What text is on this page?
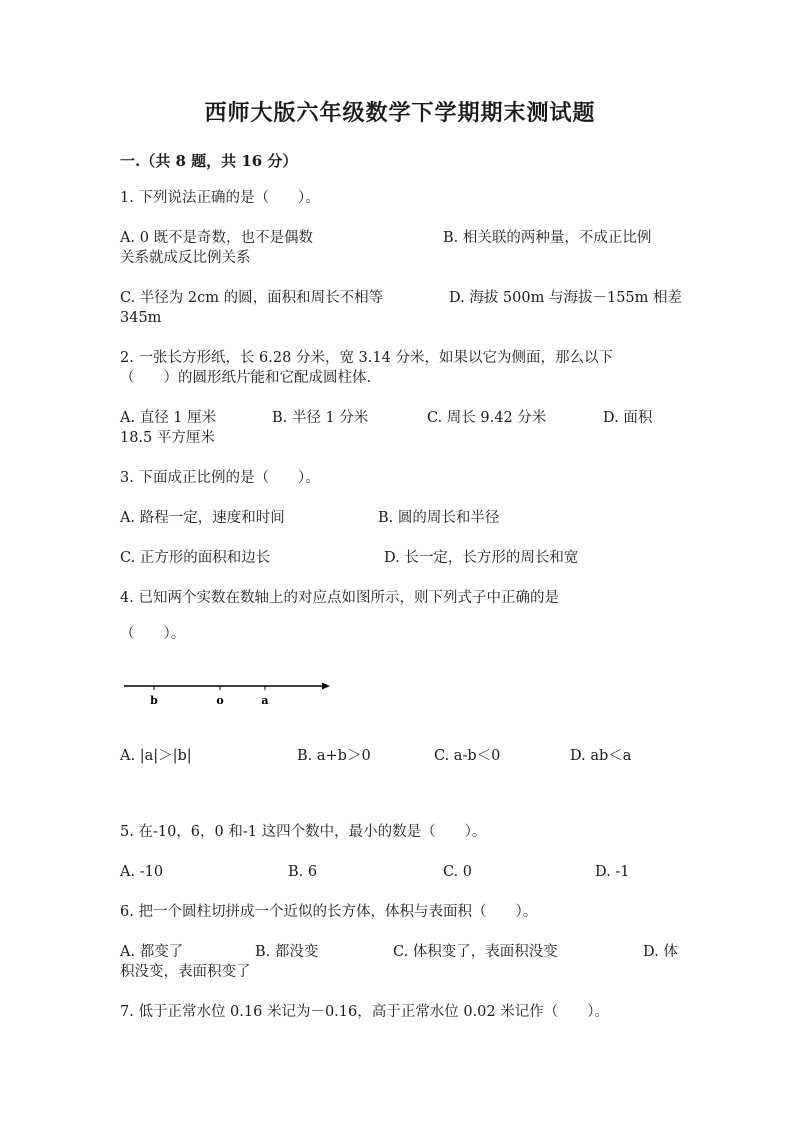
西师大版六年级数学下学期期末测试题
一.（共 8 题，共 16 分）
1. 下列说法正确的是（　　）。
A. 0 既不是奇数，也不是偶数	B. 相关联的两种量，不成正比例
关系就成反比例关系
C. 半径为 2cm 的圆，面积和周长不相等	D. 海拔 500m 与海拔－155m 相差
345m
2. 一张长方形纸，长 6.28 分米，宽 3.14 分米，如果以它为侧面，那么以下
（　　）的圆形纸片能和它配成圆柱体.
A. 直径 1 厘米	B. 半径 1 分米	C. 周长 9.42 分米	D. 面积
18.5 平方厘米
3. 下面成正比例的是（　　）。
A. 路程一定，速度和时间	B. 圆的周长和半径
C. 正方形的面积和边长	D. 长一定，长方形的周长和宽
4. 已知两个实数在数轴上的对应点如图所示，则下列式子中正确的是
（　　）。
b	o	a
A. |a|＞|b|	B. a+b＞0	C. a-b＜0	D. ab＜a
5. 在-10，6，0 和-1 这四个数中，最小的数是（　　）。
A. -10	B. 6	C. 0	D. -1
6. 把一个圆柱切拼成一个近似的长方体，体积与表面积（　　）。
A. 都变了	B. 都没变	C. 体积变了，表面积没变	D. 体
积没变，表面积变了
7. 低于正常水位 0.16 米记为－0.16，高于正常水位 0.02 米记作（　　）。
